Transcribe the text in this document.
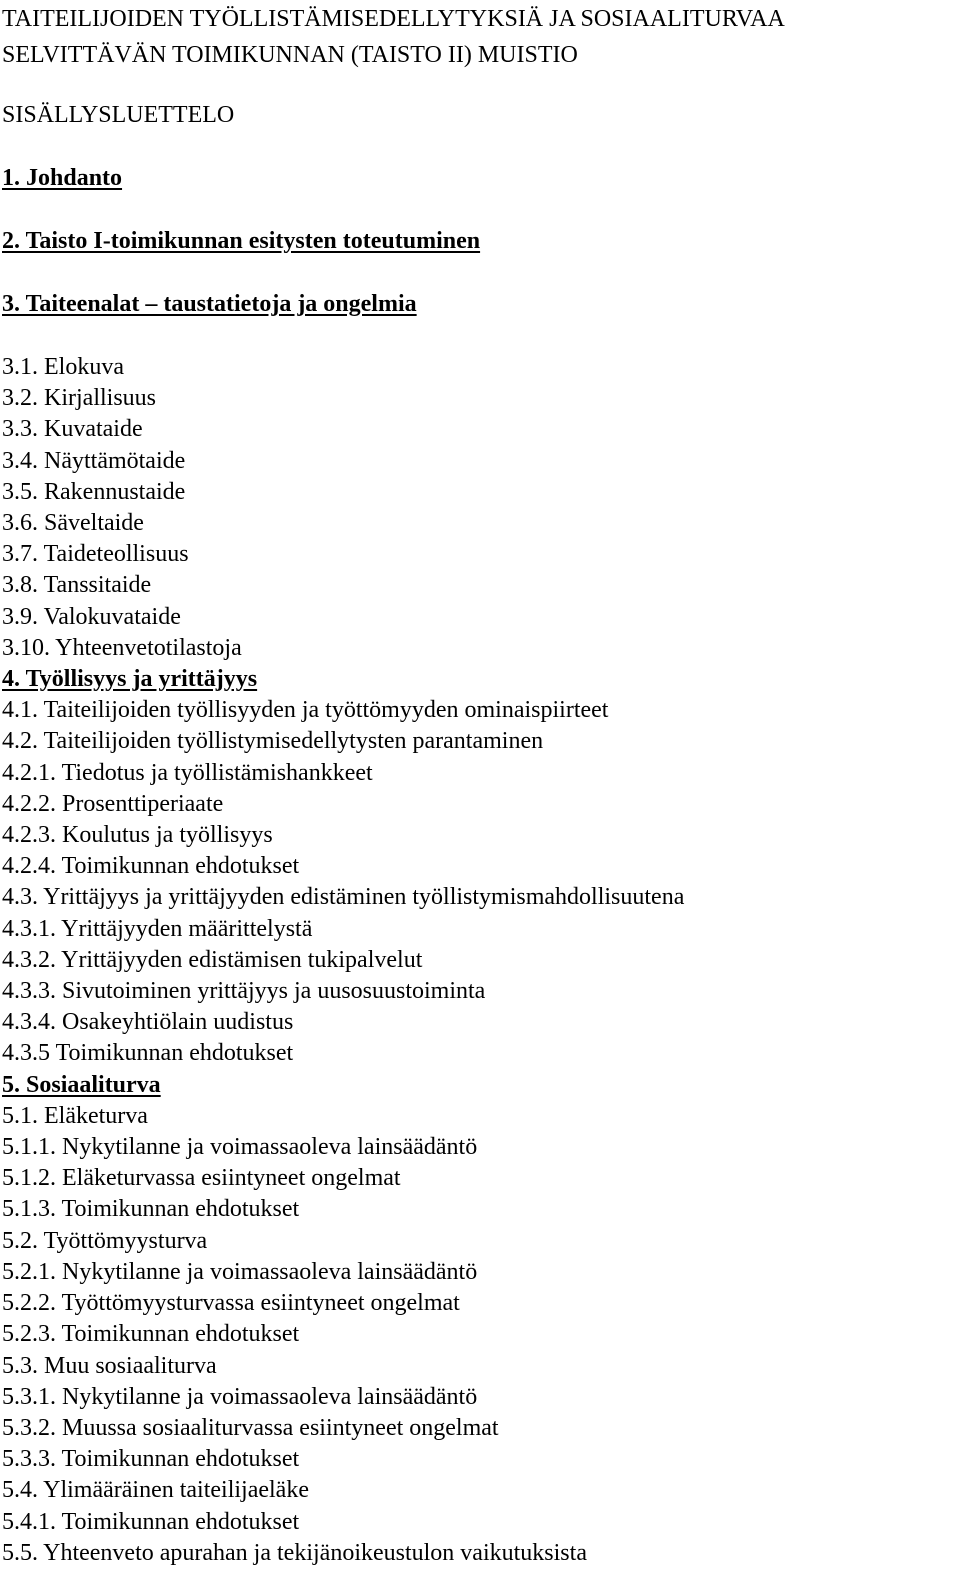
TAITEILIJOIDEN TYÖLLISTÄMISEDELLYTYKSIÄ JA SOSIAALITURVAA
SELVITTÄVÄN TOIMIKUNNAN (TAISTO II) MUISTIO
SISÄLLYSLUETTELO
1. Johdanto
2. Taisto I-toimikunnan esitysten toteutuminen
3. Taiteenalat – taustatietoja ja ongelmia
3.1. Elokuva
3.2. Kirjallisuus
3.3. Kuvataide
3.4. Näyttämötaide
3.5. Rakennustaide
3.6. Säveltaide
3.7. Taideteollisuus
3.8. Tanssitaide
3.9. Valokuvataide
3.10. Yhteenvetotilastoja
4. Työllisyys ja yrittäjyys
4.1. Taiteilijoiden työllisyyden ja työttömyyden ominaispiirteet
4.2. Taiteilijoiden työllistymisedellytysten parantaminen
4.2.1. Tiedotus ja työllistämishankkeet
4.2.2. Prosenttiperiaate
4.2.3. Koulutus ja työllisyys
4.2.4. Toimikunnan ehdotukset
4.3. Yrittäjyys ja yrittäjyyden edistäminen työllistymismahdollisuutena
4.3.1. Yrittäjyyden määrittelystä
4.3.2. Yrittäjyyden edistämisen tukipalvelut
4.3.3. Sivutoiminen yrittäjyys ja uusosuustoiminta
4.3.4. Osakeyhtiölain uudistus
4.3.5 Toimikunnan ehdotukset
5. Sosiaaliturva
5.1. Eläketurva
5.1.1. Nykytilanne ja voimassaoleva lainsäädäntö
5.1.2. Eläketurvassa esiintyneet ongelmat
5.1.3. Toimikunnan ehdotukset
5.2. Työttömyysturva
5.2.1. Nykytilanne ja voimassaoleva lainsäädäntö
5.2.2. Työttömyysturvassa esiintyneet ongelmat
5.2.3. Toimikunnan ehdotukset
5.3. Muu sosiaaliturva
5.3.1. Nykytilanne ja voimassaoleva lainsäädäntö
5.3.2. Muussa sosiaaliturvassa esiintyneet ongelmat
5.3.3. Toimikunnan ehdotukset
5.4. Ylimääräinen taiteilijaeläke
5.4.1. Toimikunnan ehdotukset
5.5. Yhteenveto apurahan ja tekijänoikeustulon vaikutuksista
